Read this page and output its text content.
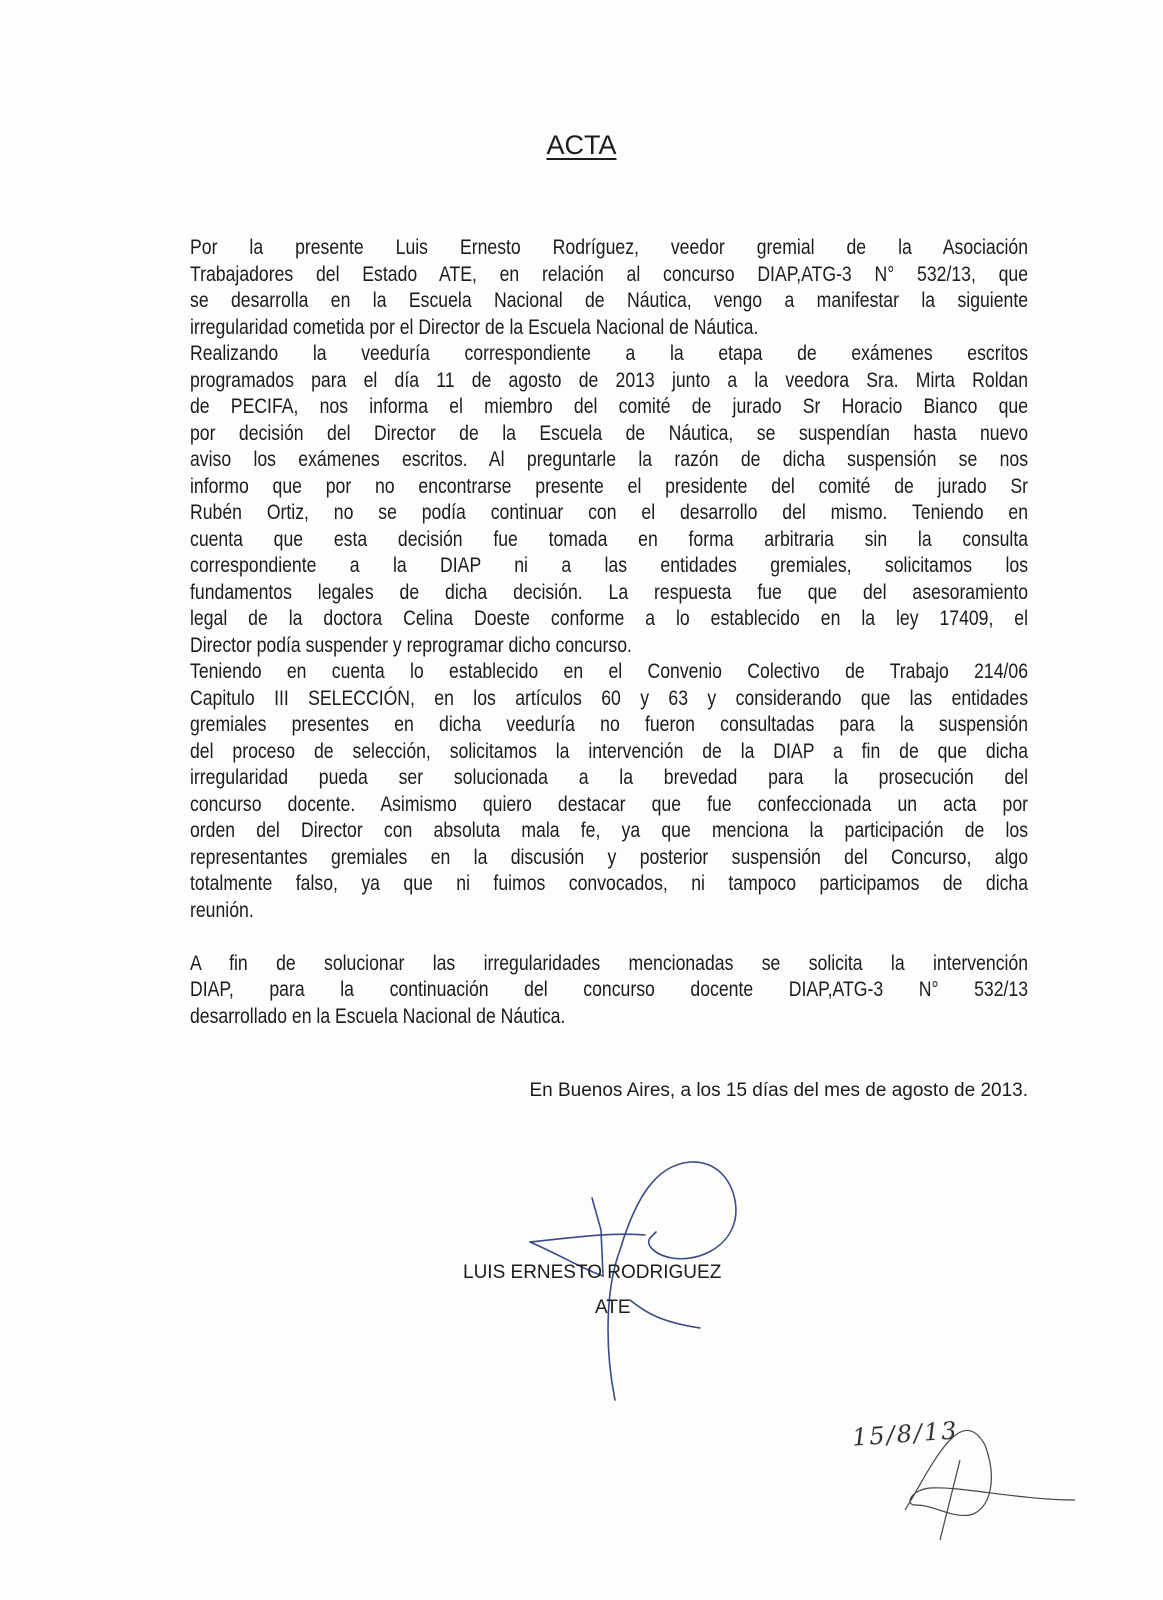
ACTA
Por la presente Luis Ernesto Rodríguez, veedor gremial de la Asociación
Trabajadores del Estado ATE, en relación al concurso DIAP,ATG-3 N° 532/13, que
se desarrolla en la Escuela Nacional de Náutica, vengo a manifestar la siguiente
irregularidad cometida por el Director de la Escuela Nacional de Náutica.
Realizando la veeduría correspondiente a la etapa de exámenes escritos
programados para el día 11 de agosto de 2013 junto a la veedora Sra. Mirta Roldan
de PECIFA, nos informa el miembro del comité de jurado Sr Horacio Bianco que
por decisión del Director de la Escuela de Náutica, se suspendían hasta nuevo
aviso los exámenes escritos. Al preguntarle la razón de dicha suspensión se nos
informo que por no encontrarse presente el presidente del comité de jurado Sr
Rubén Ortiz, no se podía continuar con el desarrollo del mismo. Teniendo en
cuenta que esta decisión fue tomada en forma arbitraria sin la consulta
correspondiente a la DIAP ni a las entidades gremiales, solicitamos los
fundamentos legales de dicha decisión. La respuesta fue que del asesoramiento
legal de la doctora Celina Doeste conforme a lo establecido en la ley 17409, el
Director podía suspender y reprogramar dicho concurso.
Teniendo en cuenta lo establecido en el Convenio Colectivo de Trabajo 214/06
Capitulo III SELECCIÓN, en los artículos 60 y 63 y considerando que las entidades
gremiales presentes en dicha veeduría no fueron consultadas para la suspensión
del proceso de selección, solicitamos la intervención de la DIAP a fin de que dicha
irregularidad pueda ser solucionada a la brevedad para la prosecución del
concurso docente. Asimismo quiero destacar que fue confeccionada un acta por
orden del Director con absoluta mala fe, ya que menciona la participación de los
representantes gremiales en la discusión y posterior suspensión del Concurso, algo
totalmente falso, ya que ni fuimos convocados, ni tampoco participamos de dicha
reunión.
A fin de solucionar las irregularidades mencionadas se solicita la intervención
DIAP, para la continuación del concurso docente DIAP,ATG-3 N° 532/13
desarrollado en la Escuela Nacional de Náutica.
En Buenos Aires, a los 15 días del mes de agosto de 2013.
15/8/13
LUIS ERNESTO RODRIGUEZ
ATE
